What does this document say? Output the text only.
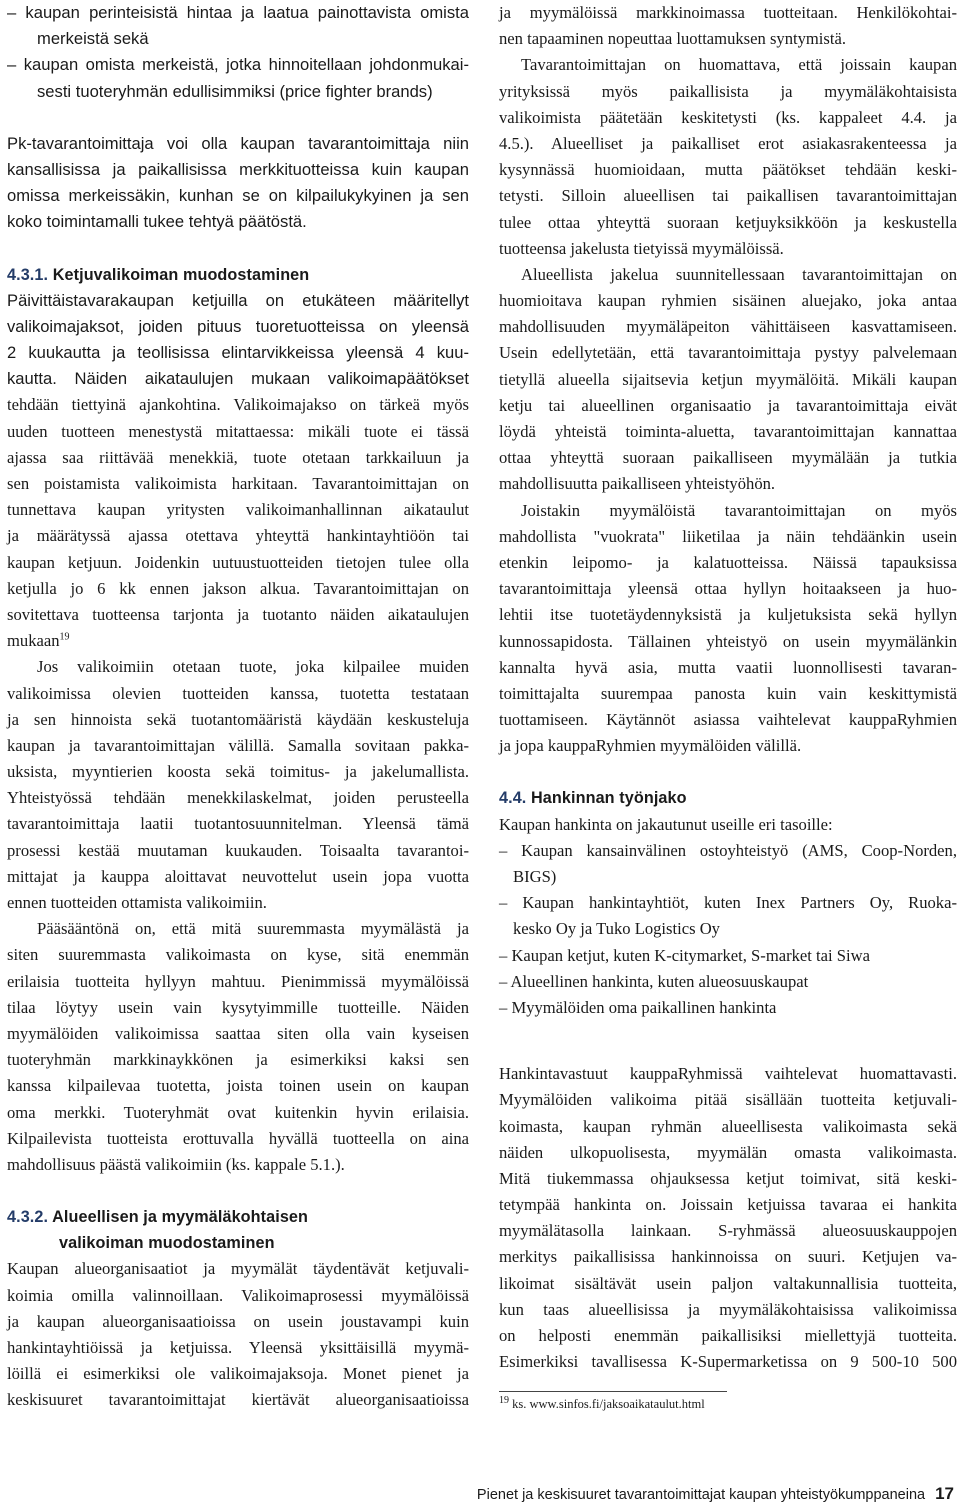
– kaupan perinteisistä hintaa ja laatua painottavista omista
merkeistä sekä
– kaupan omista merkeistä, jotka hinnoitellaan johdonmukai-
sesti tuoteryhmän edullisimmiksi (price fighter brands)
Pk-tavarantoimittaja voi olla kaupan tavarantoimittaja niin
kansallisissa ja paikallisissa merkkituotteissa kuin kaupan
omissa merkeissäkin, kunhan se on kilpailukykyinen ja sen
koko toimintamalli tukee tehtyä päätöstä.
4.3.1. Ketjuvalikoiman muodostaminen
Päivittäistavarakaupan ketjuilla on etukäteen määritellyt
valikoimajaksot, joiden pituus tuoretuotteissa on yleensä
2 kuukautta ja teollisissa elintarvikkeissa yleensä 4 kuu-
kautta. Näiden aikataulujen mukaan valikoimapäätökset
tehdään tiettyinä ajankohtina. Valikoimajakso on tärkeä myös
uuden tuotteen menestystä mitattaessa: mikäli tuote ei tässä
ajassa saa riittävää menekkiä, tuote otetaan tarkkailuun ja
sen poistamista valikoimista harkitaan. Tavarantoimittajan on
tunnettava kaupan yritysten valikoimanhallinnan aikataulut
ja määrätyssä ajassa otettava yhteyttä hankintayhtiöön tai
kaupan ketjuun. Joidenkin uutuustuotteiden tietojen tulee olla
ketjulla jo 6 kk ennen jakson alkua. Tavarantoimittajan on
sovitettava tuotteensa tarjonta ja tuotanto näiden aikataulujen
mukaan$^{19}$
Jos valikoimiin otetaan tuote, joka kilpailee muiden
valikoimissa olevien tuotteiden kanssa, tuotetta testataan
ja sen hinnoista sekä tuotantomääristä käydään keskusteluja
kaupan ja tavarantoimittajan välillä. Samalla sovitaan pakka-
uksista, myyntierien koosta sekä toimitus- ja jakelumallista.
Yhteistyössä tehdään menekkilaskelmat, joiden perusteella
tavarantoimittaja laatii tuotantosuunnitelman. Yleensä tämä
prosessi kestää muutaman kuukauden. Toisaalta tavarantoi-
mittajat ja kauppa aloittavat neuvottelut usein jopa vuotta
ennen tuotteiden ottamista valikoimiin.
Pääsääntönä on, että mitä suuremmasta myymälästä ja
siten suuremmasta valikoimasta on kyse, sitä enemmän
erilaisia tuotteita hyllyyn mahtuu. Pienimmissä myymälöissä
tilaa löytyy usein vain kysytyimmille tuotteille. Näiden
myymälöiden valikoimissa saattaa siten olla vain kyseisen
tuoteryhmän markkinaykkönen ja esimerkiksi kaksi sen
kanssa kilpailevaa tuotetta, joista toinen usein on kaupan
oma merkki. Tuoteryhmät ovat kuitenkin hyvin erilaisia.
Kilpailevista tuotteista erottuvalla hyvällä tuotteella on aina
mahdollisuus päästä valikoimiin (ks. kappale 5.1.).
4.3.2. Alueellisen ja myymäläkohtaisen
valikoiman muodostaminen
Kaupan alueorganisaatiot ja myymälät täydentävät ketjuvali-
koimia omilla valinnoillaan. Valikoimaprosessi myymälöissä
ja kaupan alueorganisaatioissa on usein joustavampi kuin
hankintayhtiöissä ja ketjuissa. Yleensä yksittäisillä myymä-
löillä ei esimerkiksi ole valikoimajaksoja. Monet pienet ja
keskisuuret tavarantoimittajat kiertävät alueorganisaatioissa
ja myymälöissä markkinoimassa tuotteitaan. Henkilökohtai-
nen tapaaminen nopeuttaa luottamuksen syntymistä.
Tavarantoimittajan on huomattava, että joissain kaupan
yrityksissä myös paikallisista ja myymäläkohtaisista
valikoimista päätetään keskitetysti (ks. kappaleet 4.4. ja
4.5.). Alueelliset ja paikalliset erot asiakasrakenteessa ja
kysynnässä huomioidaan, mutta päätökset tehdään keski-
tetysti. Silloin alueellisen tai paikallisen tavarantoimittajan
tulee ottaa yhteyttä suoraan ketjuyksikköön ja keskustella
tuotteensa jakelusta tietyissä myymälöissä.
Alueellista jakelua suunnitellessaan tavarantoimittajan on
huomioitava kaupan ryhmien sisäinen aluejako, joka antaa
mahdollisuuden myymäläpeiton vähittäiseen kasvattamiseen.
Usein edellytetään, että tavarantoimittaja pystyy palvelemaan
tietyllä alueella sijaitsevia ketjun myymälöitä. Mikäli kaupan
ketju tai alueellinen organisaatio ja tavarantoimittaja eivät
löydä yhteistä toiminta-aluetta, tavarantoimittajan kannattaa
ottaa yhteyttä suoraan paikalliseen myymälään ja tutkia
mahdollisuutta paikalliseen yhteistyöhön.
Joistakin myymälöistä tavarantoimittajan on myös
mahdollista "vuokrata" liiketilaa ja näin tehdäänkin usein
etenkin leipomo- ja kalatuotteissa. Näissä tapauksissa
tavarantoimittaja yleensä ottaa hyllyn hoitaakseen ja huo-
lehtii itse tuotetäydennyksistä ja kuljetuksista sekä hyllyn
kunnossapidosta. Tällainen yhteistyö on usein myymälänkin
kannalta hyvä asia, mutta vaatii luonnollisesti tavaran-
toimittajalta suurempaa panosta kuin vain keskittymistä
tuottamiseen. Käytännöt asiassa vaihtelevat kauppaRyhmien
ja jopa kauppaRyhmien myymälöiden välillä.
4.4. Hankinnan työnjako
Kaupan hankinta on jakautunut useille eri tasoille:
– Kaupan kansainvälinen ostoyhteistyö (AMS, Coop-Norden,
BIGS)
– Kaupan hankintayhtiöt, kuten Inex Partners Oy, Ruoka-
kesko Oy ja Tuko Logistics Oy
– Kaupan ketjut, kuten K-citymarket, S-market tai Siwa
– Alueellinen hankinta, kuten alueosuuskaupat
– Myymälöiden oma paikallinen hankinta
Hankintavastuut kauppaRyhmissä vaihtelevat huomattavasti.
Myymälöiden valikoima pitää sisällään tuotteita ketjuvali-
koimasta, kaupan ryhmän alueellisesta valikoimasta sekä
näiden ulkopuolisesta, myymälän omasta valikoimasta.
Mitä tiukemmassa ohjauksessa ketjut toimivat, sitä keski-
tetympää hankinta on. Joissain ketjuissa tavaraa ei hankita
myymälätasolla lainkaan. S-ryhmässä alueosuuskauppojen
merkitys paikallisissa hankinnoissa on suuri. Ketjujen va-
likoimat sisältävät usein paljon valtakunnallisia tuotteita,
kun taas alueellisissa ja myymäläkohtaisissa valikoimissa
on helposti enemmän paikallisiksi miellettyjä tuotteita.
Esimerkiksi tavallisessa K-Supermarketissa on 9 500-10 500
$^{19}$ ks. www.sinfos.fi/jaksoaikataulut.html
Pienet ja keskisuuret tavarantoimittajat kaupan yhteistyökumppaneina 17
